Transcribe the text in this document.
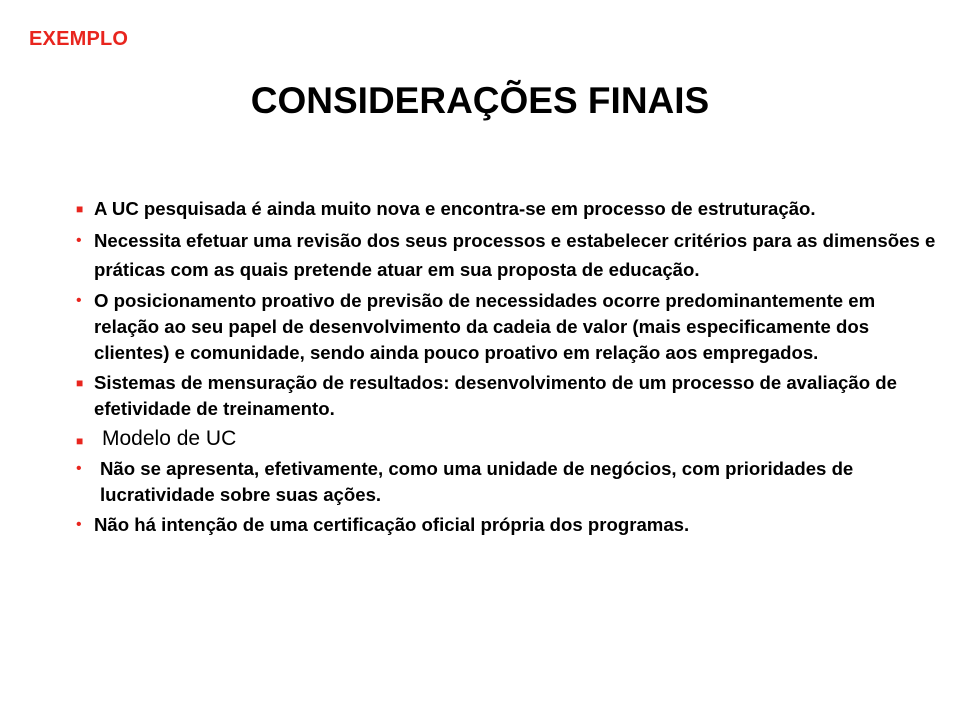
EXEMPLO
CONSIDERAÇÕES FINAIS
■ A UC pesquisada é ainda muito nova e encontra-se em processo de estruturação.
• Necessita efetuar uma revisão dos seus processos e estabelecer critérios para as dimensões e práticas com as quais pretende atuar em sua proposta de educação.
• O posicionamento proativo de previsão de necessidades ocorre predominantemente em relação ao seu papel de desenvolvimento da cadeia de valor (mais especificamente dos clientes) e comunidade, sendo ainda pouco proativo em relação aos empregados.
■ Sistemas de mensuração de resultados: desenvolvimento de um processo de avaliação de efetividade de treinamento.
■ Modelo de UC
• Não se apresenta, efetivamente, como uma unidade de negócios, com prioridades de lucratividade sobre suas ações.
• Não há intenção de uma certificação oficial própria dos programas.
